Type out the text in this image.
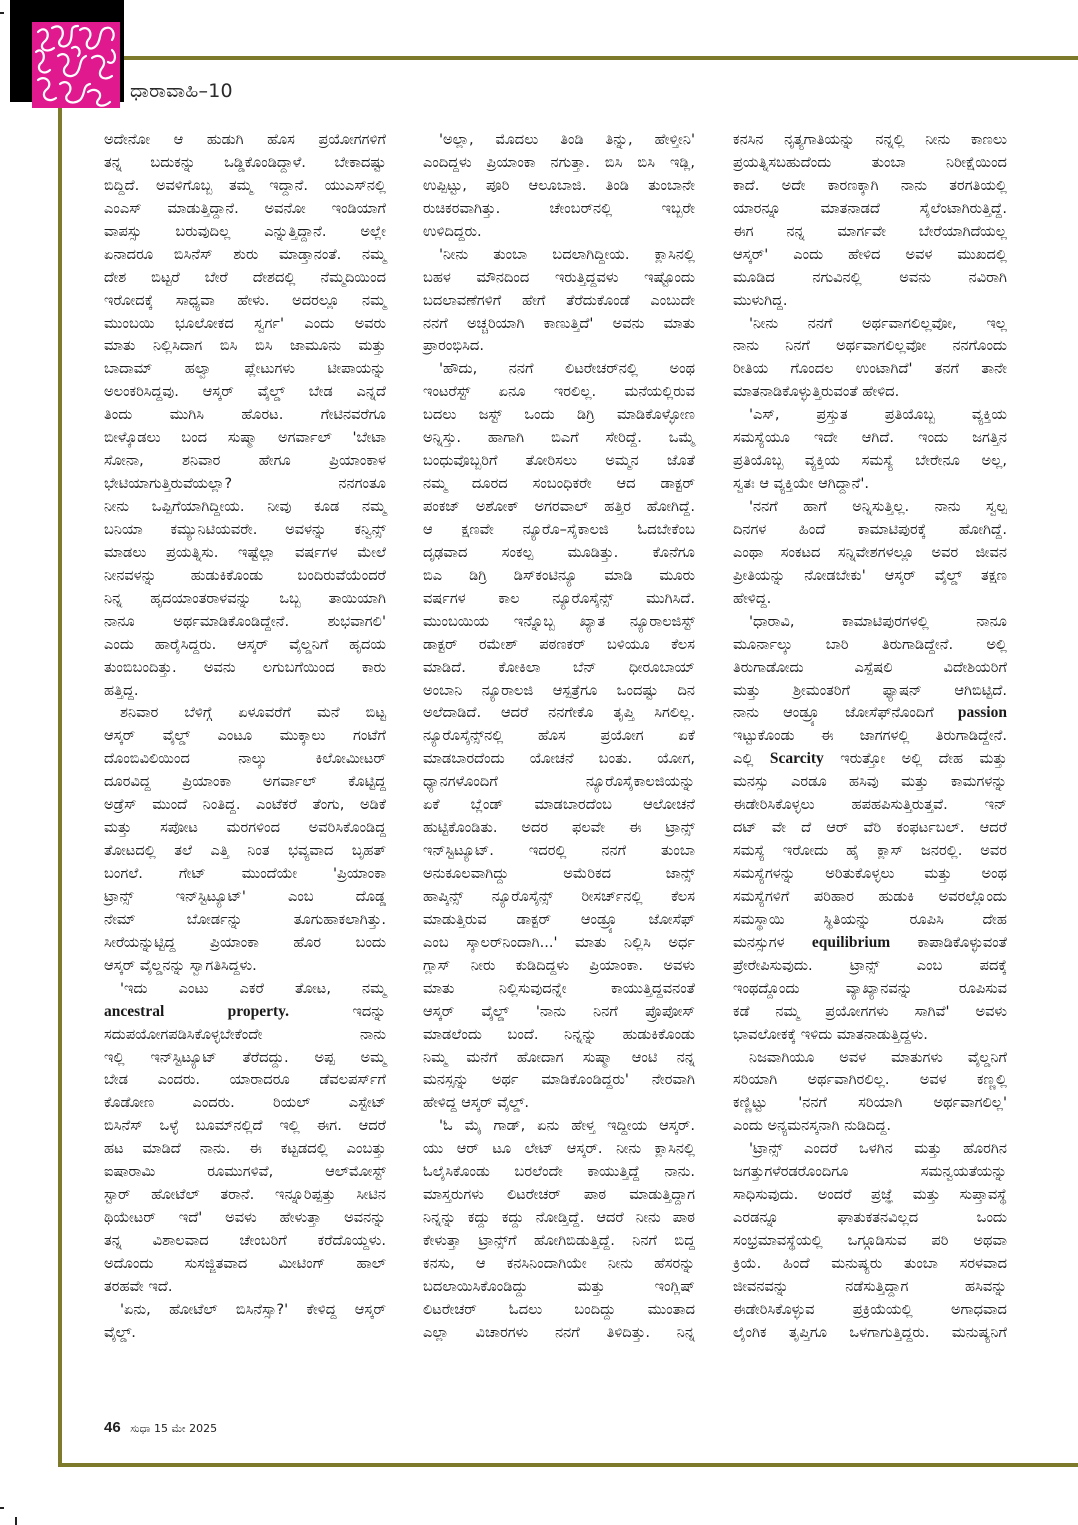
ಧಾರಾವಾಹಿ–10
ಅದೇನೋ ಆ ಹುಡುಗಿ ಹೊಸ ಪ್ರಯೋಗಗಳಿಗೆ
ತನ್ನ ಬದುಕನ್ನು ಒಡ್ಡಿಕೊಂಡಿದ್ದಾಳೆ. ಬೇಕಾದಷ್ಟು
ಬಿದ್ದಿದೆ. ಅವಳಿಗೊಬ್ಬ ತಮ್ಮ ಇದ್ದಾನೆ. ಯುಎಸ್‌ನಲ್ಲಿ
ಎಂಎಸ್ ಮಾಡುತ್ತಿದ್ದಾನೆ. ಅವನೋ ಇಂಡಿಯಾಗೆ
ವಾಪಸ್ಸು ಬರುವುದಿಲ್ಲ ಎನ್ನುತ್ತಿದ್ದಾನೆ. ಅಲ್ಲೇ
ಏನಾದರೂ ಬಿಸಿನೆಸ್ ಶುರು ಮಾಡ್ತಾನಂತೆ. ನಮ್ಮ
ದೇಶ ಬಿಟ್ಟರೆ ಬೇರೆ ದೇಶದಲ್ಲಿ ನೆಮ್ಮದಿಯಿಂದ
ಇರೋದಕ್ಕೆ ಸಾಧ್ಯವಾ ಹೇಳು. ಅದರಲ್ಲೂ ನಮ್ಮ
ಮುಂಬಯಿ ಭೂಲೋಕದ ಸ್ವರ್ಗ' ಎಂದು ಅವರು
ಮಾತು ನಿಲ್ಲಿಸಿದಾಗ ಬಿಸಿ ಬಿಸಿ ಜಾಮೂನು ಮತ್ತು
ಬಾದಾಮ್ ಹಲ್ವಾ ಪ್ಲೇಟುಗಳು ಟೀಪಾಯನ್ನು
ಅಲಂಕರಿಸಿದ್ದವು. ಆಸ್ಕರ್ ವೈಲ್ಡ್ ಬೇಡ ಎನ್ನದೆ
ತಿಂದು ಮುಗಿಸಿ ಹೊರಟ. ಗೇಟಿನವರೆಗೂ
ಬೀಳ್ಕೊಡಲು ಬಂದ ಸುಷ್ಮಾ ಅಗರ್ವಾಲ್ 'ಬೇಟಾ
ಸೋನಾ, ಶನಿವಾರ ಹೇಗೂ ಪ್ರಿಯಾಂಕಾಳ
ಭೇಟಿಯಾಗುತ್ತಿರುವೆಯಲ್ಲಾ? ನನಗಂತೂ
ನೀನು ಒಪ್ಪಿಗೆಯಾಗಿದ್ದೀಯ. ನೀವು ಕೂಡ ನಮ್ಮ
ಬನಿಯಾ ಕಮ್ಯುನಿಟಿಯವರೇ. ಅವಳನ್ನು ಕನ್ವಿನ್ಸ್
ಮಾಡಲು ಪ್ರಯತ್ನಿಸು. ಇಷ್ಟೆಲ್ಲಾ ವರ್ಷಗಳ ಮೇಲೆ
ನೀನವಳನ್ನು ಹುಡುಕಿಕೊಂಡು ಬಂದಿರುವೆಯೆಂದರೆ
ನಿನ್ನ ಹೃದಯಾಂತರಾಳವನ್ನು ಒಬ್ಬ ತಾಯಿಯಾಗಿ
ನಾನೂ ಅರ್ಥಮಾಡಿಕೊಂಡಿದ್ದೇನೆ. ಶುಭವಾಗಲಿ'
ಎಂದು ಹಾರೈಸಿದ್ದರು. ಆಸ್ಕರ್ ವೈಲ್ಡನಿಗೆ ಹೃದಯ
ತುಂಬಿಬಂದಿತ್ತು. ಅವನು ಲಗುಬಗೆಯಿಂದ ಕಾರು
ಹತ್ತಿದ್ದ.
ಶನಿವಾರ ಬೆಳಿಗ್ಗೆ ಏಳೂವರೆಗೆ ಮನೆ ಬಿಟ್ಟ
ಆಸ್ಕರ್ ವೈಲ್ಡ್ ಎಂಟೂ ಮುಕ್ಕಾಲು ಗಂಟೆಗೆ
ದೊಂಬಿವಿಲಿಯಿಂದ ನಾಲ್ಕು ಕಿಲೋಮೀಟರ್
ದೂರವಿದ್ದ ಪ್ರಿಯಾಂಕಾ ಅಗರ್ವಾಲ್ ಕೊಟ್ಟಿದ್ದ
ಅಡ್ರೆಸ್ ಮುಂದೆ ನಿಂತಿದ್ದ. ಎಂಟೆಕರೆ ತೆಂಗು, ಅಡಿಕೆ
ಮತ್ತು ಸಪೋಟ ಮರಗಳಿಂದ ಅವರಿಸಿಕೊಂಡಿದ್ದ
ತೋಟದಲ್ಲಿ ತಲೆ ಎತ್ತಿ ನಿಂತ ಭವ್ಯವಾದ ಬೃಹತ್
ಬಂಗಲೆ. ಗೇಟ್ ಮುಂದೆಯೇ 'ಪ್ರಿಯಾಂಕಾ
ಟ್ರಾನ್ಸ್ ಇನ್‌ಸ್ಟಿಟ್ಯೂಟ್' ಎಂಬ ದೊಡ್ಡ
ನೇಮ್ ಬೋರ್ಡನ್ನು ತೂಗುಹಾಕಲಾಗಿತ್ತು.
ಸೀರೆಯನ್ನುಟ್ಟಿದ್ದ ಪ್ರಿಯಾಂಕಾ ಹೊರ ಬಂದು
ಆಸ್ಕರ್ ವೈಲ್ಡನನ್ನು ಸ್ವಾಗತಿಸಿದ್ದಳು.
'ಇದು ಎಂಟು ಎಕರೆ ತೋಟ, ನಮ್ಮ
ancestral	property. ಇದನ್ನು
ಸದುಪಯೋಗಪಡಿಸಿಕೊಳ್ಳಬೇಕೆಂದೇ ನಾನು
ಇಲ್ಲಿ ಇನ್‌ಸ್ಟಿಟ್ಯೂಟ್ ತೆರೆದದ್ದು. ಅಪ್ಪ ಅಮ್ಮ
ಬೇಡ ಎಂದರು. ಯಾರಾದರೂ ಡೆವಲಪರ್ಸ್‌ಗೆ
ಕೊಡೋಣ ಎಂದರು. ರಿಯಲ್ ಎಸ್ಟೇಟ್
ಬಿಸಿನೆಸ್ ಒಳ್ಳೆ ಬೂಮ್‌ನಲ್ಲಿದೆ ಇಲ್ಲಿ ಈಗ. ಆದರೆ
ಹಟ ಮಾಡಿದೆ ನಾನು. ಈ ಕಟ್ಟಡದಲ್ಲಿ ಎಂಬತ್ತು
ಐಷಾರಾಮಿ ರೂಮುಗಳಿವೆ, ಆಲ್‌ಮೋಸ್ಟ್
ಸ್ಟಾರ್ ಹೋಟೆಲ್ ತರಾನೆ. ಇನ್ನೂರಿಪ್ಪತ್ತು ಸೀಟಿನ
ಥಿಯೇಟರ್ ಇದೆ' ಅವಳು ಹೇಳುತ್ತಾ ಅವನನ್ನು
ತನ್ನ ವಿಶಾಲವಾದ ಚೇಂಬರಿಗೆ ಕರೆದೊಯ್ದಳು.
ಅದೊಂದು ಸುಸಜ್ಜಿತವಾದ ಮೀಟಿಂಗ್ ಹಾಲ್
ತರಹವೇ ಇದೆ.
'ಏನು, ಹೋಟೆಲ್ ಬಿಸಿನೆಸ್ಸಾ?' ಕೇಳಿದ್ದ ಆಸ್ಕರ್
ವೈಲ್ಡ್.
'ಅಲ್ಲಾ, ಮೊದಲು ತಿಂಡಿ ತಿನ್ನು, ಹೇಳ್ತೀನಿ'
ಎಂದಿದ್ದಳು ಪ್ರಿಯಾಂಕಾ ನಗುತ್ತಾ. ಬಿಸಿ ಬಿಸಿ ಇಡ್ಲಿ,
ಉಪ್ಪಿಟ್ಟು, ಪೂರಿ ಆಲೂಬಾಜಿ. ತಿಂಡಿ ತುಂಬಾನೇ
ರುಚಿಕರವಾಗಿತ್ತು. ಚೇಂಬರ್‌ನಲ್ಲಿ ಇಬ್ಬರೇ
ಉಳಿದಿದ್ದರು.
'ನೀನು ತುಂಬಾ ಬದಲಾಗಿದ್ದೀಯ. ಕ್ಲಾಸಿನಲ್ಲಿ
ಬಹಳ ಮೌನದಿಂದ ಇರುತ್ತಿದ್ದವಳು ಇಷ್ಟೊಂದು
ಬದಲಾವಣೆಗಳಿಗೆ ಹೇಗೆ ತೆರೆದುಕೊಂಡೆ ಎಂಬುದೇ
ನನಗೆ ಅಚ್ಚರಿಯಾಗಿ ಕಾಣುತ್ತಿದೆ' ಅವನು ಮಾತು
ಪ್ರಾರಂಭಿಸಿದ.
'ಹೌದು, ನನಗೆ ಲಿಟರೇಚರ್‌ನಲ್ಲಿ ಅಂಥ
ಇಂಟರೆಸ್ಟ್ ಏನೂ ಇರಲಿಲ್ಲ. ಮನೆಯಲ್ಲಿರುವ
ಬದಲು ಜಸ್ಟ್ ಒಂದು ಡಿಗ್ರಿ ಮಾಡಿಕೊಳ್ಳೋಣ
ಅನ್ನಿಸ್ತು. ಹಾಗಾಗಿ ಬಿಎಗೆ ಸೇರಿದ್ದೆ. ಒಮ್ಮೆ
ಬಂಧುವೊಬ್ಬರಿಗೆ ತೋರಿಸಲು ಅಮ್ಮನ ಜೊತೆ
ನಮ್ಮ ದೂರದ ಸಂಬಂಧಿಕರೇ ಆದ ಡಾಕ್ಟರ್
ಪಂಕಜ್ ಅಶೋಕ್ ಅಗರವಾಲ್ ಹತ್ತಿರ ಹೋಗಿದ್ದೆ.
ಆ ಕ್ಷಣವೇ ನ್ಯೂರೊ–ಸೈಕಾಲಜಿ ಓದಬೇಕೆಂಬ
ದೃಢವಾದ ಸಂಕಲ್ಪ ಮೂಡಿತ್ತು. ಕೊನೆಗೂ
ಬಿಎ ಡಿಗ್ರಿ ಡಿಸ್‌ಕಂಟಿನ್ಯೂ ಮಾಡಿ ಮೂರು
ವರ್ಷಗಳ ಕಾಲ ನ್ಯೂರೊಸೈನ್ಸ್ ಮುಗಿಸಿದೆ.
ಮುಂಬಯಿಯ ಇನ್ನೊಬ್ಬ ಖ್ಯಾತ ನ್ಯೂರಾಲಜಿಸ್ಟ್
ಡಾಕ್ಟರ್ ರಮೇಶ್ ಪಠಣಕರ್ ಬಳಿಯೂ ಕೆಲಸ
ಮಾಡಿದೆ. ಕೋಕಿಲಾ ಬೆನ್ ಧೀರೂಬಾಯ್
ಅಂಬಾನಿ ನ್ಯೂರಾಲಜಿ ಆಸ್ಪತ್ರೆಗೂ ಒಂದಷ್ಟು ದಿನ
ಅಲೆದಾಡಿದೆ. ಆದರೆ ನನಗೇಕೊ ತೃಪ್ತಿ ಸಿಗಲಿಲ್ಲ.
ನ್ಯೂರೊಸೈನ್ಸ್‌ನಲ್ಲಿ ಹೊಸ ಪ್ರಯೋಗ ಏಕೆ
ಮಾಡಬಾರದೆಂದು ಯೋಚನೆ ಬಂತು. ಯೋಗ,
ಧ್ಯಾನಗಳೊಂದಿಗೆ ನ್ಯೂರೊಸೈಕಾಲಜಿಯನ್ನು
ಏಕೆ ಬ್ಲೆಂಡ್ ಮಾಡಬಾರದೆಂಬ ಆಲೋಚನೆ
ಹುಟ್ಟಿಕೊಂಡಿತು. ಅದರ ಫಲವೇ ಈ ಟ್ರಾನ್ಸ್
ಇನ್‌ಸ್ಟಿಟ್ಯೂಟ್. ಇದರಲ್ಲಿ ನನಗೆ ತುಂಬಾ
ಅನುಕೂಲವಾಗಿದ್ದು ಅಮೆರಿಕದ ಜಾನ್ಸ್
ಹಾಪ್ಕಿನ್ಸ್ ನ್ಯೂರೊಸೈನ್ಸ್ ರೀಸರ್ಚ್‌ನಲ್ಲಿ ಕೆಲಸ
ಮಾಡುತ್ತಿರುವ ಡಾಕ್ಟರ್ ಆಂಡ್ರ್ಯೂ ಜೋಸೆಫ್
ಎಂಬ ಸ್ಕಾಲರ್‌ನಿಂದಾಗಿ...' ಮಾತು ನಿಲ್ಲಿಸಿ ಅರ್ಧ
ಗ್ಲಾಸ್ ನೀರು ಕುಡಿದಿದ್ದಳು ಪ್ರಿಯಾಂಕಾ. ಅವಳು
ಮಾತು ನಿಲ್ಲಿಸುವುದನ್ನೇ ಕಾಯುತ್ತಿದ್ದವನಂತೆ
ಆಸ್ಕರ್ ವೈಲ್ಡ್ 'ನಾನು ನಿನಗೆ ಪ್ರೊಪೋಸ್
ಮಾಡಲೆಂದು ಬಂದೆ. ನಿನ್ನನ್ನು ಹುಡುಕಿಕೊಂಡು
ನಿಮ್ಮ ಮನೆಗೆ ಹೋದಾಗ ಸುಷ್ಮಾ ಆಂಟಿ ನನ್ನ
ಮನಸ್ಸನ್ನು ಅರ್ಥ ಮಾಡಿಕೊಂಡಿದ್ದರು' ನೇರವಾಗಿ
ಹೇಳಿದ್ದ ಆಸ್ಕರ್ ವೈಲ್ಡ್.
'ಓ ಮೈ ಗಾಡ್, ಏನು ಹೇಳ್ತ ಇದ್ದೀಯ ಆಸ್ಕರ್.
ಯು ಆರ್ ಟೂ ಲೇಟ್ ಆಸ್ಕರ್. ನೀನು ಕ್ಲಾಸಿನಲ್ಲಿ
ಓಲೈಸಿಕೊಂಡು ಬರಲೆಂದೇ ಕಾಯುತ್ತಿದ್ದೆ ನಾನು.
ಮಾಸ್ತರುಗಳು ಲಿಟರೇಚರ್ ಪಾಠ ಮಾಡುತ್ತಿದ್ದಾಗ
ನಿನ್ನನ್ನು ಕದ್ದು ಕದ್ದು ನೋಡ್ತಿದ್ದೆ. ಆದರೆ ನೀನು ಪಾಠ
ಕೇಳುತ್ತಾ ಟ್ರಾನ್ಸ್‌ಗೆ ಹೋಗಿಬಿಡುತ್ತಿದ್ದೆ. ನಿನಗೆ ಬಿದ್ದ
ಕನಸು, ಆ ಕನಸಿನಿಂದಾಗಿಯೇ ನೀನು ಹೆಸರನ್ನು
ಬದಲಾಯಿಸಿಕೊಂಡಿದ್ದು ಮತ್ತು ಇಂಗ್ಲಿಷ್
ಲಿಟರೇಚರ್ ಓದಲು ಬಂದಿದ್ದು ಮುಂತಾದ
ಎಲ್ಲಾ ವಿಚಾರಗಳು ನನಗೆ ತಿಳಿದಿತ್ತು. ನಿನ್ನ
ಕನಸಿನ ನೃತ್ಯಗಾತಿಯನ್ನು ನನ್ನಲ್ಲಿ ನೀನು ಕಾಣಲು
ಪ್ರಯತ್ನಿಸಬಹುದೆಂದು ತುಂಬಾ ನಿರೀಕ್ಷೆಯಿಂದ
ಕಾದೆ. ಅದೇ ಕಾರಣಕ್ಕಾಗಿ ನಾನು ತರಗತಿಯಲ್ಲಿ
ಯಾರನ್ನೂ ಮಾತನಾಡದೆ ಸೈಲೆಂಟಾಗಿರುತ್ತಿದ್ದೆ.
ಈಗ ನನ್ನ ಮಾರ್ಗವೇ ಬೇರೆಯಾಗಿದೆಯಲ್ಲ
ಆಸ್ಕರ್' ಎಂದು ಹೇಳಿದ ಅವಳ ಮುಖದಲ್ಲಿ
ಮೂಡಿದ ನಗುವಿನಲ್ಲಿ ಅವನು ನವಿರಾಗಿ
ಮುಳುಗಿದ್ದ.
'ನೀನು ನನಗೆ ಅರ್ಥವಾಗಲಿಲ್ಲವೋ, ಇಲ್ಲ
ನಾನು ನಿನಗೆ ಅರ್ಥವಾಗಲಿಲ್ಲವೋ ನನಗೊಂದು
ರೀತಿಯ ಗೊಂದಲ ಉಂಟಾಗಿದೆ' ತನಗೆ ತಾನೇ
ಮಾತನಾಡಿಕೊಳ್ಳುತ್ತಿರುವಂತೆ ಹೇಳಿದ.
'ಎಸ್, ಪ್ರಸ್ತುತ ಪ್ರತಿಯೊಬ್ಬ ವ್ಯಕ್ತಿಯ
ಸಮಸ್ಯೆಯೂ ಇದೇ ಆಗಿದೆ. ಇಂದು ಜಗತ್ತಿನ
ಪ್ರತಿಯೊಬ್ಬ ವ್ಯಕ್ತಿಯ ಸಮಸ್ಯೆ ಬೇರೇನೂ ಅಲ್ಲ,
ಸ್ವತಃ ಆ ವ್ಯಕ್ತಿಯೇ ಆಗಿದ್ದಾನೆ'.
'ನನಗೆ ಹಾಗೆ ಅನ್ನಿಸುತ್ತಿಲ್ಲ. ನಾನು ಸ್ವಲ್ಪ
ದಿನಗಳ ಹಿಂದೆ ಕಾಮಾಟಿಪುರಕ್ಕೆ ಹೋಗಿದ್ದೆ.
ಎಂಥಾ ಸಂಕಟದ ಸನ್ನಿವೇಶಗಳಲ್ಲೂ ಅವರ ಜೀವನ
ಪ್ರೀತಿಯನ್ನು ನೋಡಬೇಕು' ಆಸ್ಕರ್ ವೈಲ್ಡ್ ತಕ್ಷಣ
ಹೇಳಿದ್ದ.
'ಧಾರಾವಿ, ಕಾಮಾಟಿಪುರಗಳಲ್ಲಿ ನಾನೂ
ಮೂರ್ನಾಲ್ಕು ಬಾರಿ ತಿರುಗಾಡಿದ್ದೇನೆ. ಅಲ್ಲಿ
ತಿರುಗಾಡೋದು ಎಸ್ಪೆಷಲಿ ವಿದೇಶಿಯರಿಗೆ
ಮತ್ತು ಶ್ರೀಮಂತರಿಗೆ ಫ್ಯಾಷನ್ ಆಗಿಬಿಟ್ಟಿದೆ.
ನಾನು ಆಂಡ್ರ್ಯೂ ಜೋಸೆಫ್‌ನೊಂದಿಗೆ passion
ಇಟ್ಟುಕೊಂಡು ಈ ಜಾಗಗಳಲ್ಲಿ ತಿರುಗಾಡಿದ್ದೇನೆ.
ಎಲ್ಲಿ Scarcity ಇರುತ್ತೋ ಅಲ್ಲಿ ದೇಹ ಮತ್ತು
ಮನಸ್ಸು ಎರಡೂ ಹಸಿವು ಮತ್ತು ಕಾಮಗಳನ್ನು
ಈಡೇರಿಸಿಕೊಳ್ಳಲು ಹಪಹಪಿಸುತ್ತಿರುತ್ತವೆ. ಇನ್
ದಟ್ ವೇ ದೆ ಆರ್ ವೆರಿ ಕಂಫರ್ಟಬಲ್. ಆದರೆ
ಸಮಸ್ಯೆ ಇರೋದು ಹೈ ಕ್ಲಾಸ್ ಜನರಲ್ಲಿ. ಅವರ
ಸಮಸ್ಯೆಗಳನ್ನು ಅರಿತುಕೊಳ್ಳಲು ಮತ್ತು ಅಂಥ
ಸಮಸ್ಯೆಗಳಿಗೆ ಪರಿಹಾರ ಹುಡುಕಿ ಅವರಲ್ಲೊಂದು
ಸಮಸ್ಥಾಯಿ ಸ್ಥಿತಿಯನ್ನು ರೂಪಿಸಿ ದೇಹ
ಮನಸ್ಸುಗಳ equilibrium ಕಾಪಾಡಿಕೊಳ್ಳುವಂತೆ
ಪ್ರೇರೇಪಿಸುವುದು. ಟ್ರಾನ್ಸ್ ಎಂಬ ಪದಕ್ಕೆ
ಇಂಥದ್ದೊಂದು ವ್ಯಾಖ್ಯಾನವನ್ನು ರೂಪಿಸುವ
ಕಡೆ ನಮ್ಮ ಪ್ರಯೋಗಗಳು ಸಾಗಿವೆ' ಅವಳು
ಭಾವಲೋಕಕ್ಕೆ ಇಳಿದು ಮಾತನಾಡುತ್ತಿದ್ದಳು.
ನಿಜವಾಗಿಯೂ ಅವಳ ಮಾತುಗಳು ವೈಲ್ಡನಿಗೆ
ಸರಿಯಾಗಿ ಅರ್ಥವಾಗಿರಲಿಲ್ಲ. ಅವಳ ಕಣ್ಣಲ್ಲಿ
ಕಣ್ಣಿಟ್ಟು 'ನನಗೆ ಸರಿಯಾಗಿ ಅರ್ಥವಾಗಲಿಲ್ಲ'
ಎಂದು ಅನ್ಯಮನಸ್ಕನಾಗಿ ನುಡಿದಿದ್ದ.
'ಟ್ರಾನ್ಸ್ ಎಂದರೆ ಒಳಗಿನ ಮತ್ತು ಹೊರಗಿನ
ಜಗತ್ತುಗಳೆರಡರೊಂದಿಗೂ ಸಮನ್ವಯತೆಯನ್ನು
ಸಾಧಿಸುವುದು. ಅಂದರೆ ಪ್ರಜ್ಞೆ ಮತ್ತು ಸುಪ್ತಾವಸ್ಥೆ
ಎರಡನ್ನೂ ಘಾತುಕತನವಿಲ್ಲದ ಒಂದು
ಸಂಭ್ರಮಾವಸ್ಥೆಯಲ್ಲಿ ಒಗ್ಗೂಡಿಸುವ ಪರಿ ಅಥವಾ
ಕ್ರಿಯೆ. ಹಿಂದೆ ಮನುಷ್ಯರು ತುಂಬಾ ಸರಳವಾದ
ಜೀವನವನ್ನು ನಡೆಸುತ್ತಿದ್ದಾಗ ಹಸಿವನ್ನು
ಈಡೇರಿಸಿಕೊಳ್ಳುವ ಪ್ರಕ್ರಿಯೆಯಲ್ಲಿ ಅಗಾಧವಾದ
ಲೈಂಗಿಕ ತೃಪ್ತಿಗೂ ಒಳಗಾಗುತ್ತಿದ್ದರು. ಮನುಷ್ಯನಿಗೆ
46 ಸುಧಾ 15 ಮೇ 2025
